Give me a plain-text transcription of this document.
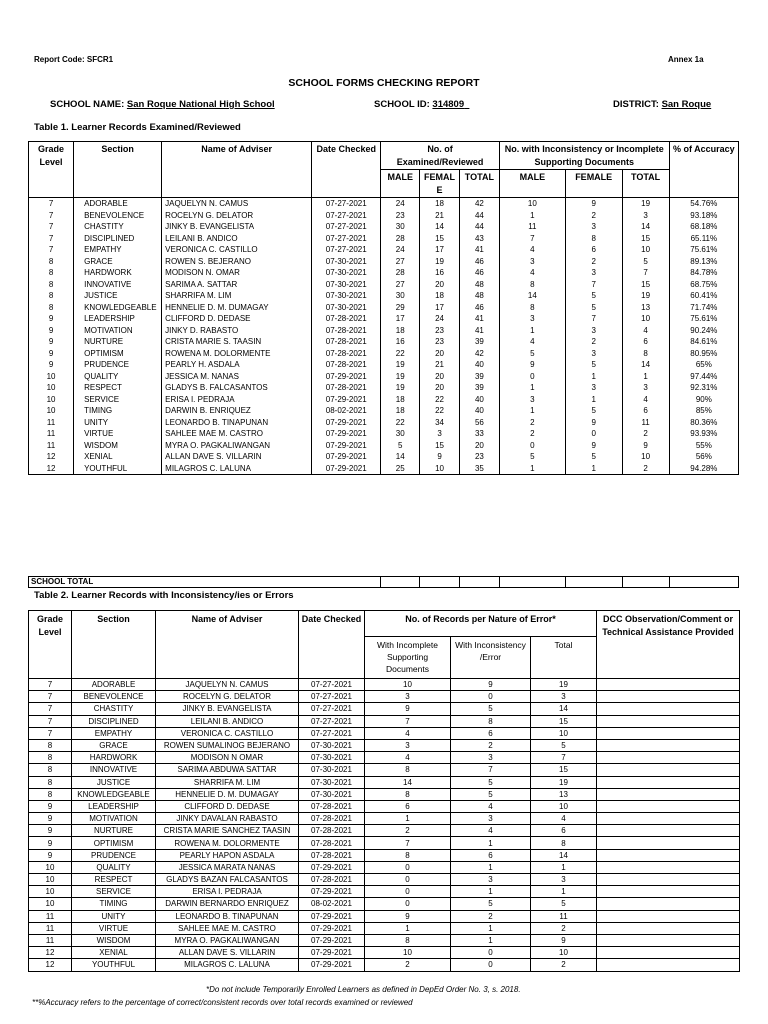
Report Code: SFCR1	Annex 1a
SCHOOL FORMS CHECKING REPORT
SCHOOL NAME: San Roque National High School	SCHOOL ID: 314809	DISTRICT: San Roque
Table 1. Learner Records Examined/Reviewed
Grade Level	Section	Name of Adviser	Date Checked	No. of Examined/Reviewed			No. with Inconsistency or Incomplete Supporting Documents			% of Accuracy
				MALE	FEMAL E	TOTAL	MALE	FEMALE	TOTAL	
7	ADORABLE	JAQUELYN N. CAMUS	07-27-2021	24	18	42	10	9	19	54.76%
7	BENEVOLENCE	ROCELYN G. DELATOR	07-27-2021	23	21	44	1	2	3	93.18%
7	CHASTITY	JINKY B. EVANGELISTA	07-27-2021	30	14	44	11	3	14	68.18%
7	DISCIPLINED	LEILANI B. ANDICO	07-27-2021	28	15	43	7	8	15	65.11%
7	EMPATHY	VERONICA C. CASTILLO	07-27-2021	24	17	41	4	6	10	75.61%
8	GRACE	ROWEN S. BEJERANO	07-30-2021	27	19	46	3	2	5	89.13%
8	HARDWORK	MODISON N. OMAR	07-30-2021	28	16	46	4	3	7	84.78%
8	INNOVATIVE	SARIMA A. SATTAR	07-30-2021	27	20	48	8	7	15	68.75%
8	JUSTICE	SHARRIFA M. LIM	07-30-2021	30	18	48	14	5	19	60.41%
8	KNOWLEDGEABLE	HENNELIE D. M. DUMAGAY	07-30-2021	29	17	46	8	5	13	71.74%
9	LEADERSHIP	CLIFFORD D. DEDASE	07-28-2021	17	24	41	3	7	10	75.61%
9	MOTIVATION	JINKY D. RABASTO	07-28-2021	18	23	41	1	3	4	90.24%
9	NURTURE	CRISTA MARIE S. TAASIN	07-28-2021	16	23	39	4	2	6	84.61%
9	OPTIMISM	ROWENA M. DOLORMENTE	07-28-2021	22	20	42	5	3	8	80.95%
9	PRUDENCE	PEARLY H. ASDALA	07-28-2021	19	21	40	9	5	14	65%
10	QUALITY	JESSICA M. NANAS	07-29-2021	19	20	39	0	1	1	97.44%
10	RESPECT	GLADYS B. FALCASANTOS	07-28-2021	19	20	39	1	3	3	92.31%
10	SERVICE	ERISA I. PEDRAJA	07-29-2021	18	22	40	3	1	4	90%
10	TIMING	DARWIN B. ENRIQUEZ	08-02-2021	18	22	40	1	5	6	85%
11	UNITY	LEONARDO B. TINAPUNAN	07-29-2021	22	34	56	2	9	11	80.36%
11	VIRTUE	SAHLEE MAE M. CASTRO	07-29-2021	30	3	33	2	0	2	93.93%
11	WISDOM	MYRA O. PAGKALIWANGAN	07-29-2021	5	15	20	0	9	9	55%
12	XENIAL	ALLAN DAVE S. VILLARIN	07-29-2021	14	9	23	5	5	10	56%
12	YOUTHFUL	MILAGROS C. LALUNA	07-29-2021	25	10	35	1	1	2	94.28%
SCHOOL TOTAL							
Table 2. Learner Records with Inconsistency/ies or Errors
Grade Level	Section	Name of Adviser	Date Checked	No. of Records per Nature of Error*			DCC Observation/Comment or Technical Assistance Provided
				With Incomplete Supporting Documents	With Inconsistency /Error	Total	
7	ADORABLE	JAQUELYN N. CAMUS	07-27-2021	10	9	19	
7	BENEVOLENCE	ROCELYN G. DELATOR	07-27-2021	3	0	3	
7	CHASTITY	JINKY B. EVANGELISTA	07-27-2021	9	5	14	
7	DISCIPLINED	LEILANI B. ANDICO	07-27-2021	7	8	15	
7	EMPATHY	VERONICA C. CASTILLO	07-27-2021	4	6	10	
8	GRACE	ROWEN SUMALINOG BEJERANO	07-30-2021	3	2	5	
8	HARDWORK	MODISON N OMAR	07-30-2021	4	3	7	
8	INNOVATIVE	SARIMA ABDUWA SATTAR	07-30-2021	8	7	15	
8	JUSTICE	SHARRIFA M. LIM	07-30-2021	14	5	19	
8	KNOWLEDGEABLE	HENNELIE D. M. DUMAGAY	07-30-2021	8	5	13	
9	LEADERSHIP	CLIFFORD D. DEDASE	07-28-2021	6	4	10	
9	MOTIVATION	JINKY DAVALAN RABASTO	07-28-2021	1	3	4	
9	NURTURE	CRISTA MARIE SANCHEZ TAASIN	07-28-2021	2	4	6	
9	OPTIMISM	ROWENA M. DOLORMENTE	07-28-2021	7	1	8	
9	PRUDENCE	PEARLY HAPON ASDALA	07-28-2021	8	6	14	
10	QUALITY	JESSICA MARATA NANAS	07-29-2021	0	1	1	
10	RESPECT	GLADYS BAZAN FALCASANTOS	07-28-2021	0	3	3	
10	SERVICE	ERISA I. PEDRAJA	07-29-2021	0	1	1	
10	TIMING	DARWIN BERNARDO ENRIQUEZ	08-02-2021	0	5	5	
11	UNITY	LEONARDO B. TINAPUNAN	07-29-2021	9	2	11	
11	VIRTUE	SAHLEE MAE M. CASTRO	07-29-2021	1	1	2	
11	WISDOM	MYRA O. PAGKALIWANGAN	07-29-2021	8	1	9	
12	XENIAL	ALLAN DAVE S. VILLARIN	07-29-2021	10	0	10	
12	YOUTHFUL	MILAGROS C. LALUNA	07-29-2021	2	0	2	
*Do not include Temporarily Enrolled Learners as defined in DepEd Order No. 3, s. 2018.
**%Accuracy refers to the percentage of correct/consistent records over total records examined or reviewed
